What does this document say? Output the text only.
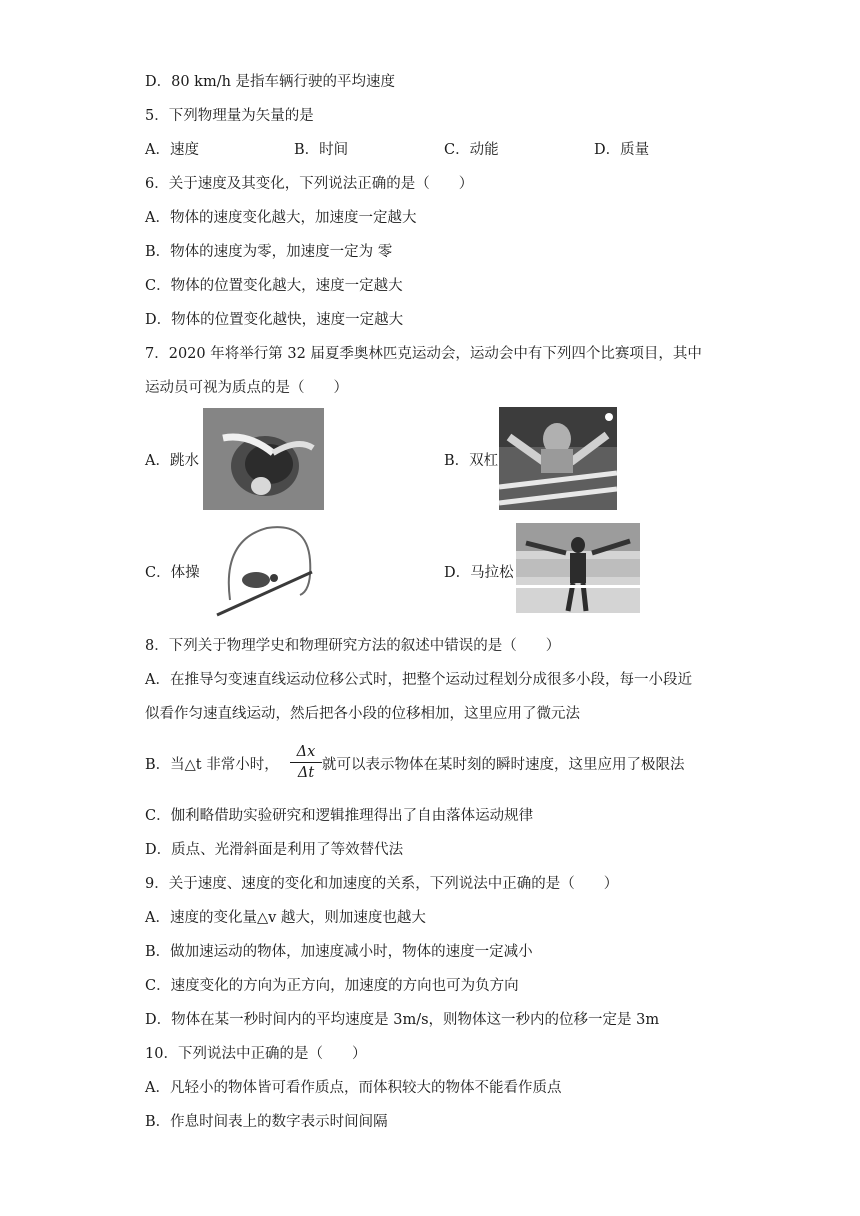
D．80 km/h 是指车辆行驶的平均速度
5．下列物理量为矢量的是
A．速度	B．时间	C．动能	D．质量
6．关于速度及其变化，下列说法正确的是（　　）
A．物体的速度变化越大，加速度一定越大
B．物体的速度为零，加速度一定为 零
C．物体的位置变化越大，速度一定越大
D．物体的位置变化越快，速度一定越大
7．2020 年将举行第 32 届夏季奥林匹克运动会，运动会中有下列四个比赛项目，其中
运动员可视为质点的是（　　）
A．跳水	B．双杠
C．体操	D．马拉松
8．下列关于物理学史和物理研究方法的叙述中错误的是（　　）
A．在推导匀变速直线运动位移公式时，把整个运动过程划分成很多小段，每一小段近
似看作匀速直线运动，然后把各小段的位移相加，这里应用了微元法
B．当△t 非常小时， $\frac{\Delta x}{\Delta t}$ 就可以表示物体在某时刻的瞬时速度，这里应用了极限法
C．伽利略借助实验研究和逻辑推理得出了自由落体运动规律
D．质点、光滑斜面是利用了等效替代法
9．关于速度、速度的变化和加速度的关系，下列说法中正确的是（　　）
A．速度的变化量△v 越大，则加速度也越大
B．做加速运动的物体，加速度减小时，物体的速度一定减小
C．速度变化的方向为正方向，加速度的方向也可为负方向
D．物体在某一秒时间内的平均速度是 3m/s，则物体这一秒内的位移一定是 3m
10．下列说法中正确的是（　　）
A．凡轻小的物体皆可看作质点，而体积较大的物体不能看作质点
B．作息时间表上的数字表示时间间隔
